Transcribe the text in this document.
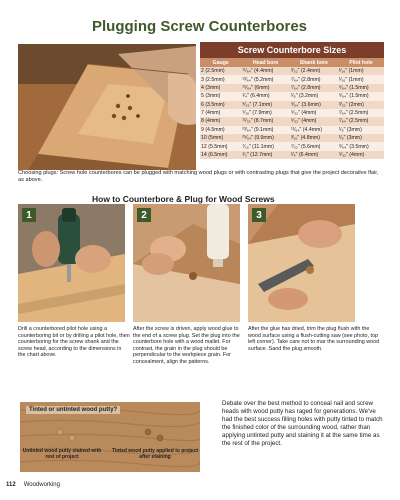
Plugging Screw Counterbores
Screw Counterbore Sizes
Gauge	Head bore	Shank bore	Pilot hole
2 (2.5mm)	¹¹⁄₆₄" (4.4mm)	³⁄₃₂" (2.4mm)	¹⁄₁₆" (1mm)
3 (2.5mm)	¹³⁄₆₄" (5.2mm)	⁷⁄₆₄" (2.8mm)	¹⁄₁₆" (1mm)
4 (3mm)	¹⁵⁄₆₄" (6mm)	⁷⁄₆₄" (2.8mm)	⁵⁄₆₄" (1.5mm)
5 (3mm)	¹⁄₄" (6.4mm)	¹⁄₈" (3.2mm)	⁵⁄₆₄" (1.5mm)
6 (3.5mm)	⁹⁄₃₂" (7.1mm)	⁹⁄₆₄" (3.6mm)	³⁄₃₂" (2mm)
7 (4mm)	⁵⁄₁₆" (7.9mm)	⁵⁄₃₂" (4mm)	⁷⁄₆₄" (2.5mm)
8 (4mm)	¹¹⁄₃₂" (8.7mm)	⁵⁄₃₂" (4mm)	⁷⁄₆₄" (2.5mm)
9 (4.5mm)	²³⁄₆₄" (9.1mm)	¹¹⁄₆₄" (4.4mm)	¹⁄₈" (3mm)
10 (5mm)	²⁵⁄₆₄" (9.9mm)	³⁄₁₆" (4.8mm)	¹⁄₈" (3mm)
12 (5.5mm)	⁷⁄₁₆" (11.1mm)	⁷⁄₃₂" (5.6mm)	⁹⁄₆₄" (3.5mm)
14 (6.5mm)	¹⁄₂" (12.7mm)	¹⁄₄" (6.4mm)	⁵⁄₃₂" (4mm)
Choosing plugs: Screw hole counterbores can be plugged with matching wood plugs or with contrasting plugs that give the project decorative flair, as above.
How to Counterbore & Plug for Wood Screws
1	2	3
Drill a counterbored pilot hole using a counterboring bit or by drilling a pilot hole, then counterboring for the screw shank and the screw head, according to the dimensions in the chart above.
After the screw is driven, apply wood glue to the end of a screw plug. Set the plug into the counterbore hole with a wood mallet. For contrast, the grain in the plug should be perpendicular to the workpiece grain. For concealment, align the patterns.
After the glue has dried, trim the plug flush with the wood surface using a flush-cutting saw (see photo, top left corner). Take care not to mar the surrounding wood surface. Sand the plug smooth.
Untinted wood putty stained with rest of project
Tinted wood putty applied to project after staining
Tinted or untinted wood putty?
Debate over the best method to conceal nail and screw heads with wood putty has raged for generations. We've had the best success filling holes with putty tinted to match the finished color of the surrounding wood, rather than applying untinted putty and staining it at the same time as the rest of the project.
112 Woodworking
